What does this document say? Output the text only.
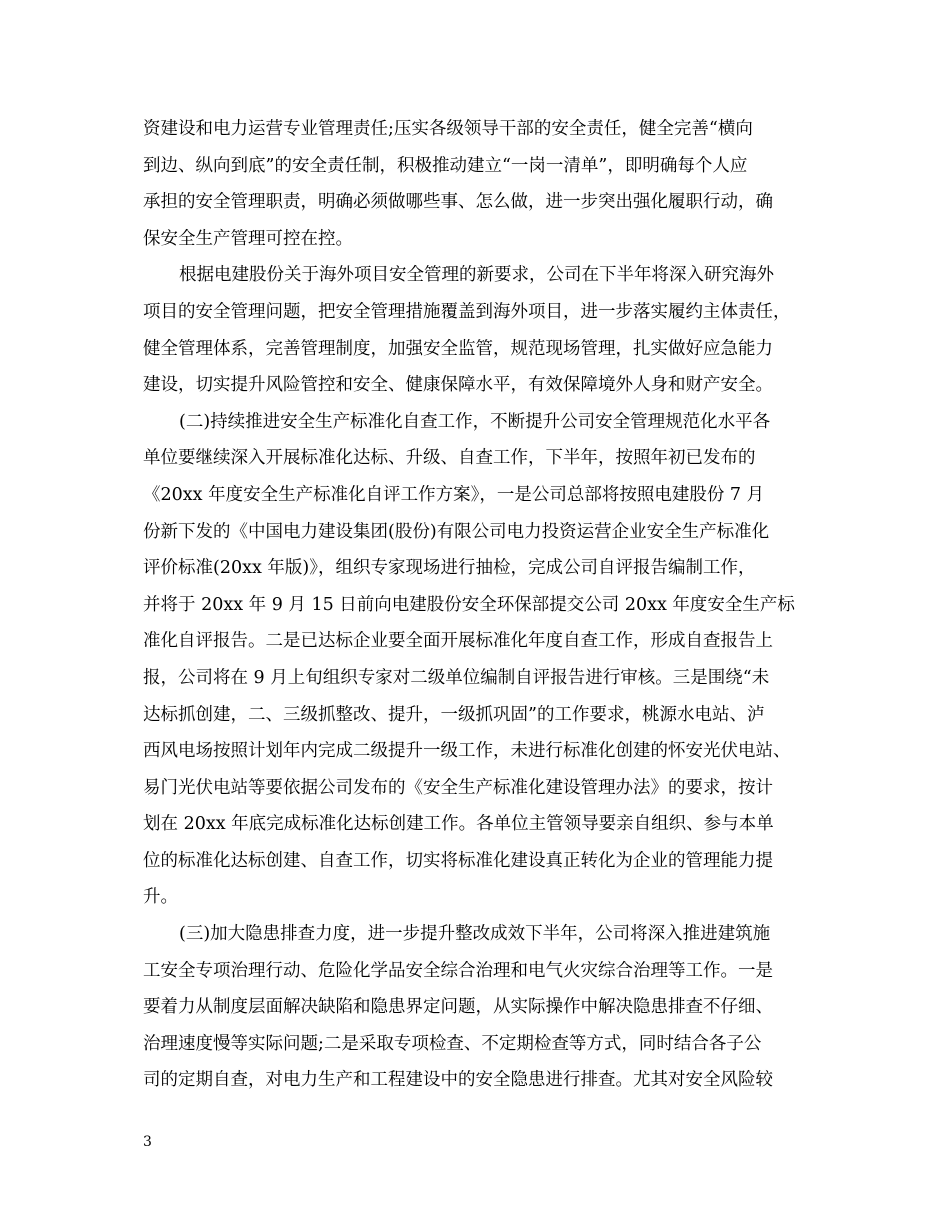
资建设和电力运营专业管理责任;压实各级领导干部的安全责任，健全完善“横向
到边、纵向到底”的安全责任制，积极推动建立“一岗一清单”，即明确每个人应
承担的安全管理职责，明确必须做哪些事、怎么做，进一步突出强化履职行动，确
保安全生产管理可控在控。
根据电建股份关于海外项目安全管理的新要求，公司在下半年将深入研究海外
项目的安全管理问题，把安全管理措施覆盖到海外项目，进一步落实履约主体责任，
健全管理体系，完善管理制度，加强安全监管，规范现场管理，扎实做好应急能力
建设，切实提升风险管控和安全、健康保障水平，有效保障境外人身和财产安全。
(二)持续推进安全生产标准化自查工作，不断提升公司安全管理规范化水平各
单位要继续深入开展标准化达标、升级、自查工作，下半年，按照年初已发布的
《20xx 年度安全生产标准化自评工作方案》，一是公司总部将按照电建股份 7 月
份新下发的《中国电力建设集团(股份)有限公司电力投资运营企业安全生产标准化
评价标准(20xx 年版)》，组织专家现场进行抽检，完成公司自评报告编制工作，
并将于 20xx 年 9 月 15 日前向电建股份安全环保部提交公司 20xx 年度安全生产标
准化自评报告。二是已达标企业要全面开展标准化年度自查工作，形成自查报告上
报，公司将在 9 月上旬组织专家对二级单位编制自评报告进行审核。三是围绕“未
达标抓创建，二、三级抓整改、提升，一级抓巩固”的工作要求，桃源水电站、泸
西风电场按照计划年内完成二级提升一级工作，未进行标准化创建的怀安光伏电站、
易门光伏电站等要依据公司发布的《安全生产标准化建设管理办法》的要求，按计
划在 20xx 年底完成标准化达标创建工作。各单位主管领导要亲自组织、参与本单
位的标准化达标创建、自查工作，切实将标准化建设真正转化为企业的管理能力提
升。
(三)加大隐患排查力度，进一步提升整改成效下半年，公司将深入推进建筑施
工安全专项治理行动、危险化学品安全综合治理和电气火灾综合治理等工作。一是
要着力从制度层面解决缺陷和隐患界定问题，从实际操作中解决隐患排查不仔细、
治理速度慢等实际问题;二是采取专项检查、不定期检查等方式，同时结合各子公
司的定期自查，对电力生产和工程建设中的安全隐患进行排查。尤其对安全风险较
3
